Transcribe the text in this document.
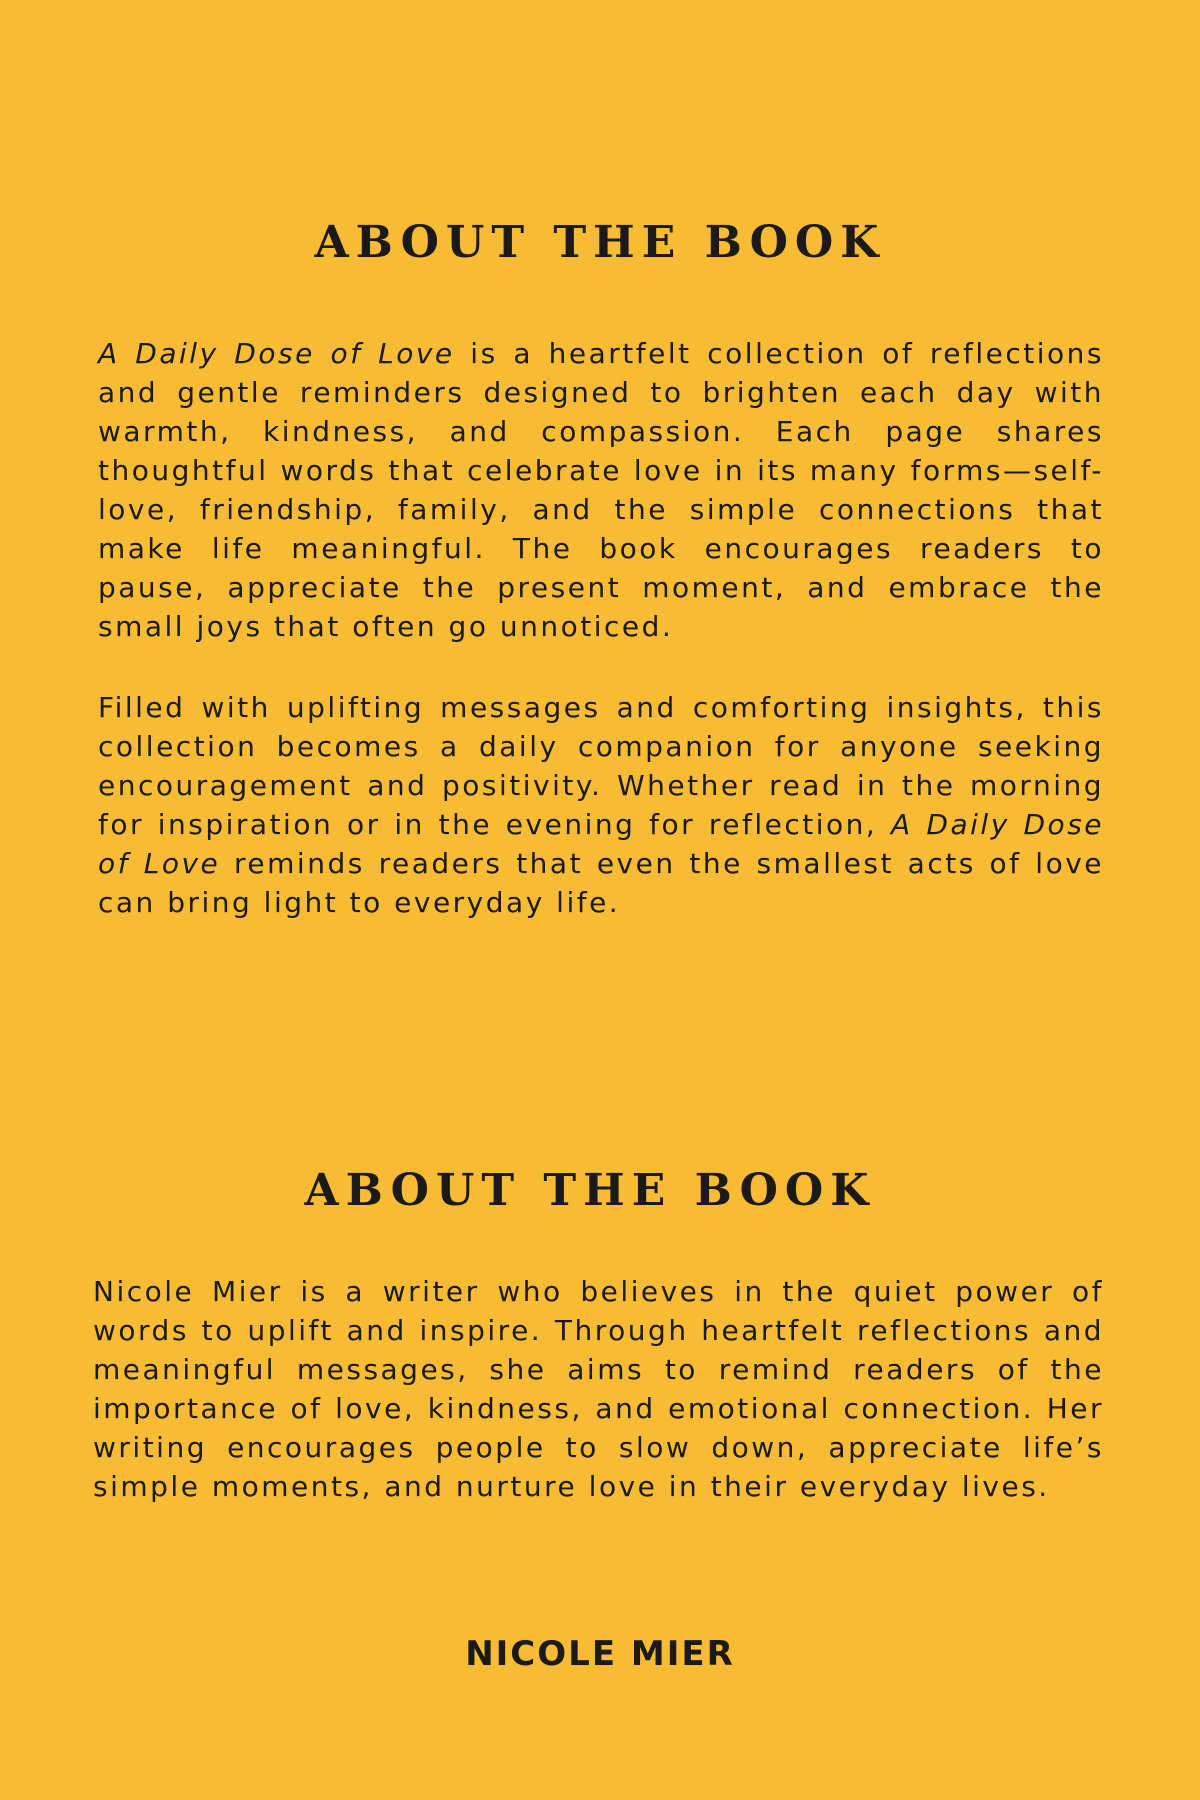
ABOUT THE BOOK

A Daily Dose of Love is a heartfelt collection of reflections and gentle reminders designed to brighten each day with warmth, kindness, and compassion. Each page shares thoughtful words that celebrate love in its many forms—self-love, friendship, family, and the simple connections that make life meaningful. The book encourages readers to pause, appreciate the present moment, and embrace the small joys that often go unnoticed.

Filled with uplifting messages and comforting insights, this collection becomes a daily companion for anyone seeking encouragement and positivity. Whether read in the morning for inspiration or in the evening for reflection, A Daily Dose of Love reminds readers that even the smallest acts of love can bring light to everyday life.

ABOUT THE BOOK

Nicole Mier is a writer who believes in the quiet power of words to uplift and inspire. Through heartfelt reflections and meaningful messages, she aims to remind readers of the importance of love, kindness, and emotional connection. Her writing encourages people to slow down, appreciate life’s simple moments, and nurture love in their everyday lives.

NICOLE MIER
